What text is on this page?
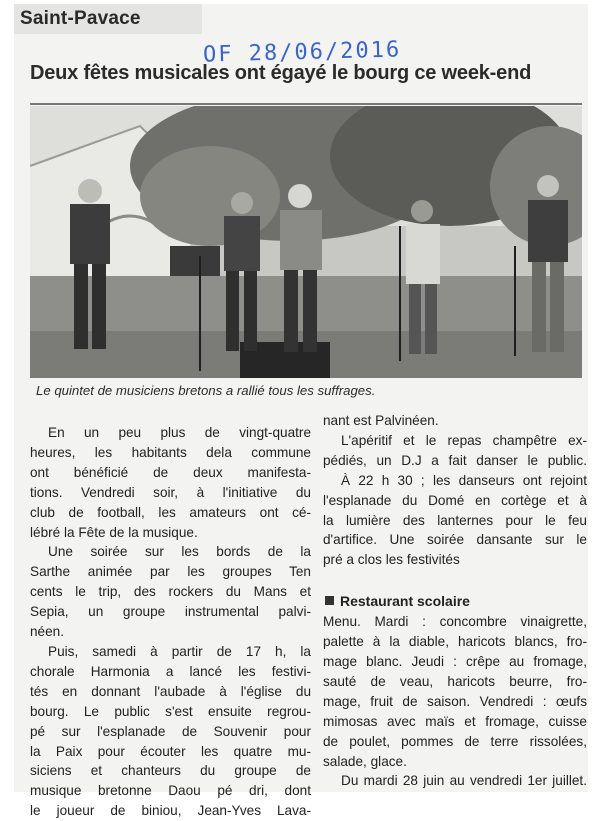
Saint-Pavace
OF 28/06/2016
Deux fêtes musicales ont égayé le bourg ce week-end
Le quintet de musiciens bretons a rallié tous les suffrages.

En un peu plus de vingt-quatre

heures, les habitants dela commune

ont bénéficié de deux manifesta-

tions. Vendredi soir, à l'initiative du

club de football, les amateurs ont cé-

lébré la Fête de la musique.

Une soirée sur les bords de la

Sarthe animée par les groupes Ten

cents le trip, des rockers du Mans et

Sepia, un groupe instrumental palvi-

néen.

Puis, samedi à partir de 17 h, la

chorale Harmonia a lancé les festivi-

tés en donnant l'aubade à l'église du

bourg. Le public s'est ensuite regrou-

pé sur l'esplanade de Souvenir pour

la Paix pour écouter les quatre mu-

siciens et chanteurs du groupe de

musique bretonne Daou pé dri, dont

le joueur de biniou, Jean-Yves Lava-

nant est Palvinéen.

L'apéritif et le repas champêtre ex-

pédiés, un D.J a fait danser le public.

À 22 h 30 ; les danseurs ont rejoint

l'esplanade du Domé en cortège et à

la lumière des lanternes pour le feu

d'artifice. Une soirée dansante sur le

pré a clos les festivités

Restaurant scolaire

Menu. Mardi : concombre vinaigrette,

palette à la diable, haricots blancs, fro-

mage blanc. Jeudi : crêpe au fromage,

sauté de veau, haricots beurre, fro-

mage, fruit de saison. Vendredi : œufs

mimosas avec maïs et fromage, cuisse

de poulet, pommes de terre rissolées,

salade, glace.

Du mardi 28 juin au vendredi 1er juillet.
